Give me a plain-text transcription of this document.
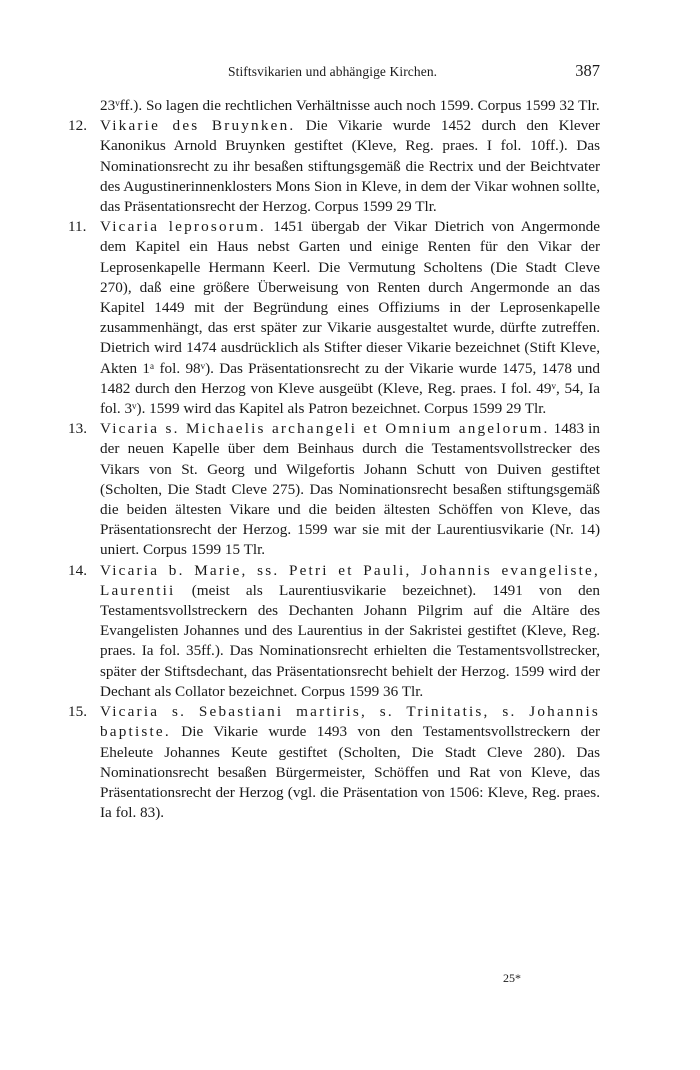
Stiftsvikarien und abhängige Kirchen.	387

23ᵛff.). So lagen die rechtlichen Verhältnisse auch noch 1599. Corpus 1599 32 Tlr.

12. Vikarie des Bruynken. Die Vikarie wurde 1452 durch den Klever Kanonikus Arnold Bruynken gestiftet (Kleve, Reg. praes. I fol. 10ff.). Das Nominationsrecht zu ihr besaßen stiftungsgemäß die Rectrix und der Beichtvater des Augustinerinnenklosters Mons Sion in Kleve, in dem der Vikar wohnen sollte, das Präsentationsrecht der Herzog. Corpus 1599 29 Tlr.
11. Vicaria leprosorum. 1451 übergab der Vikar Dietrich von Angermonde dem Kapitel ein Haus nebst Garten und einige Renten für den Vikar der Leprosenkapelle Hermann Keerl. Die Vermutung Scholtens (Die Stadt Cleve 270), daß eine größere Überweisung von Renten durch Angermonde an das Kapitel 1449 mit der Begründung eines Offiziums in der Leprosenkapelle zusammenhängt, das erst später zur Vikarie ausgestaltet wurde, dürfte zutreffen. Dietrich wird 1474 ausdrücklich als Stifter dieser Vikarie bezeichnet (Stift Kleve, Akten 1ᵃ fol. 98ᵛ). Das Präsentationsrecht zu der Vikarie wurde 1475, 1478 und 1482 durch den Herzog von Kleve ausgeübt (Kleve, Reg. praes. I fol. 49ᵛ, 54, Ia fol. 3ᵛ). 1599 wird das Kapitel als Patron bezeichnet. Corpus 1599 29 Tlr.
13. Vicaria s. Michaelis archangeli et Omnium angelorum. 1483 in der neuen Kapelle über dem Beinhaus durch die Testamentsvollstrecker des Vikars von St. Georg und Wilgefortis Johann Schutt von Duiven gestiftet (Scholten, Die Stadt Cleve 275). Das Nominationsrecht besaßen stiftungsgemäß die beiden ältesten Vikare und die beiden ältesten Schöffen von Kleve, das Präsentationsrecht der Herzog. 1599 war sie mit der Laurentiusvikarie (Nr. 14) uniert. Corpus 1599 15 Tlr.
14. Vicaria b. Marie, ss. Petri et Pauli, Johannis evangeliste, Laurentii (meist als Laurentiusvikarie bezeichnet). 1491 von den Testamentsvollstreckern des Dechanten Johann Pilgrim auf die Altäre des Evangelisten Johannes und des Laurentius in der Sakristei gestiftet (Kleve, Reg. praes. Ia fol. 35ff.). Das Nominationsrecht erhielten die Testamentsvollstrecker, später der Stiftsdechant, das Präsentationsrecht behielt der Herzog. 1599 wird der Dechant als Collator bezeichnet. Corpus 1599 36 Tlr.
15. Vicaria s. Sebastiani martiris, s. Trinitatis, s. Johannis baptiste. Die Vikarie wurde 1493 von den Testamentsvollstreckern der Eheleute Johannes Keute gestiftet (Scholten, Die Stadt Cleve 280). Das Nominationsrecht besaßen Bürgermeister, Schöffen und Rat von Kleve, das Präsentationsrecht der Herzog (vgl. die Präsentation von 1506: Kleve, Reg. praes. Ia fol. 83).
25*
